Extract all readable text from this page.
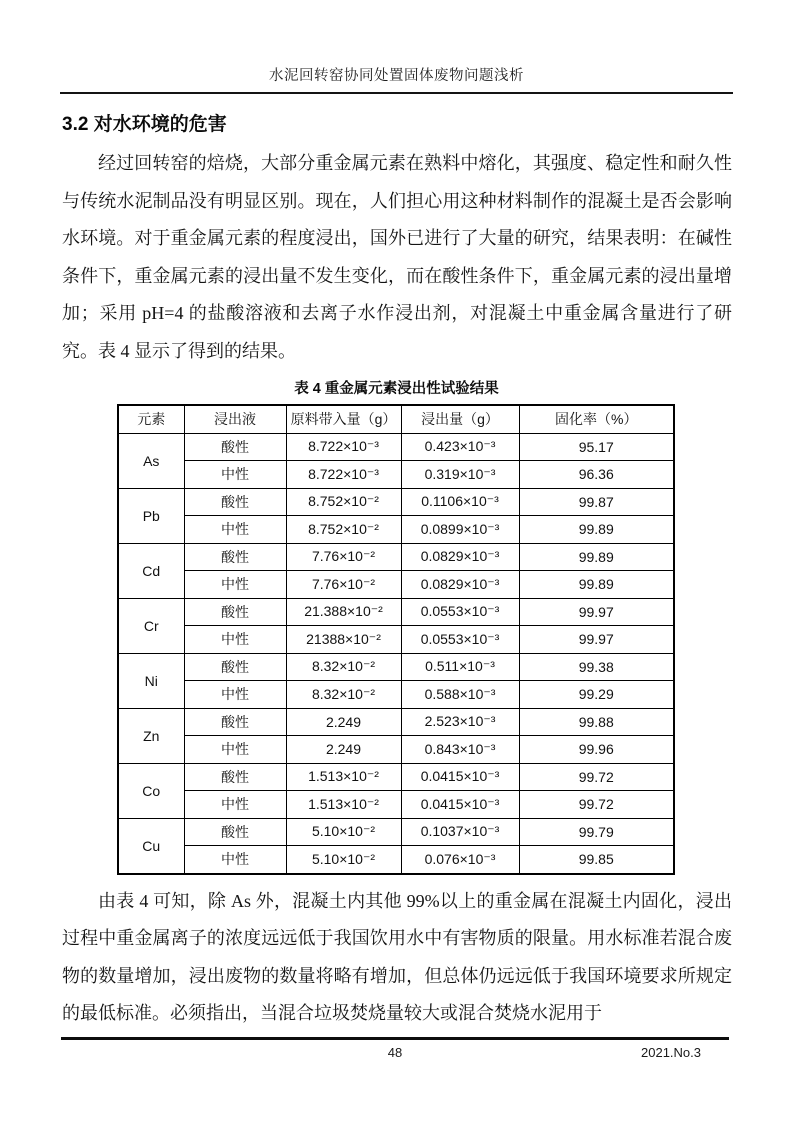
水泥回转窑协同处置固体废物问题浅析
3.2 对水环境的危害

经过回转窑的焙烧，大部分重金属元素在熟料中熔化，其强度、稳定性和耐久性与传统水泥制品没有明显区别。现在，人们担心用这种材料制作的混凝土是否会影响水环境。对于重金属元素的程度浸出，国外已进行了大量的研究，结果表明：在碱性条件下，重金属元素的浸出量不发生变化，而在酸性条件下，重金属元素的浸出量增加；采用 pH=4 的盐酸溶液和去离子水作浸出剂，对混凝土中重金属含量进行了研究。表 4 显示了得到的结果。

表 4 重金属元素浸出性试验结果
元素	浸出液	原料带入量（g）	浸出量（g）	固化率（%）
As	酸性	8.722×10⁻³	0.423×10⁻³	95.17
	中性	8.722×10⁻³	0.319×10⁻³	96.36
Pb	酸性	8.752×10⁻²	0.1106×10⁻³	99.87
	中性	8.752×10⁻²	0.0899×10⁻³	99.89
Cd	酸性	7.76×10⁻²	0.0829×10⁻³	99.89
	中性	7.76×10⁻²	0.0829×10⁻³	99.89
Cr	酸性	21.388×10⁻²	0.0553×10⁻³	99.97
	中性	21388×10⁻²	0.0553×10⁻³	99.97
Ni	酸性	8.32×10⁻²	0.511×10⁻³	99.38
	中性	8.32×10⁻²	0.588×10⁻³	99.29
Zn	酸性	2.249	2.523×10⁻³	99.88
	中性	2.249	0.843×10⁻³	99.96
Co	酸性	1.513×10⁻²	0.0415×10⁻³	99.72
	中性	1.513×10⁻²	0.0415×10⁻³	99.72
Cu	酸性	5.10×10⁻²	0.1037×10⁻³	99.79
	中性	5.10×10⁻²	0.076×10⁻³	99.85

由表 4 可知，除 As 外，混凝土内其他 99%以上的重金属在混凝土内固化，浸出过程中重金属离子的浓度远远低于我国饮用水中有害物质的限量。用水标准若混合废物的数量增加，浸出废物的数量将略有增加，但总体仍远远低于我国环境要求所规定的最低标准。必须指出，当混合垃圾焚烧量较大或混合焚烧水泥用于

48	2021.No.3
